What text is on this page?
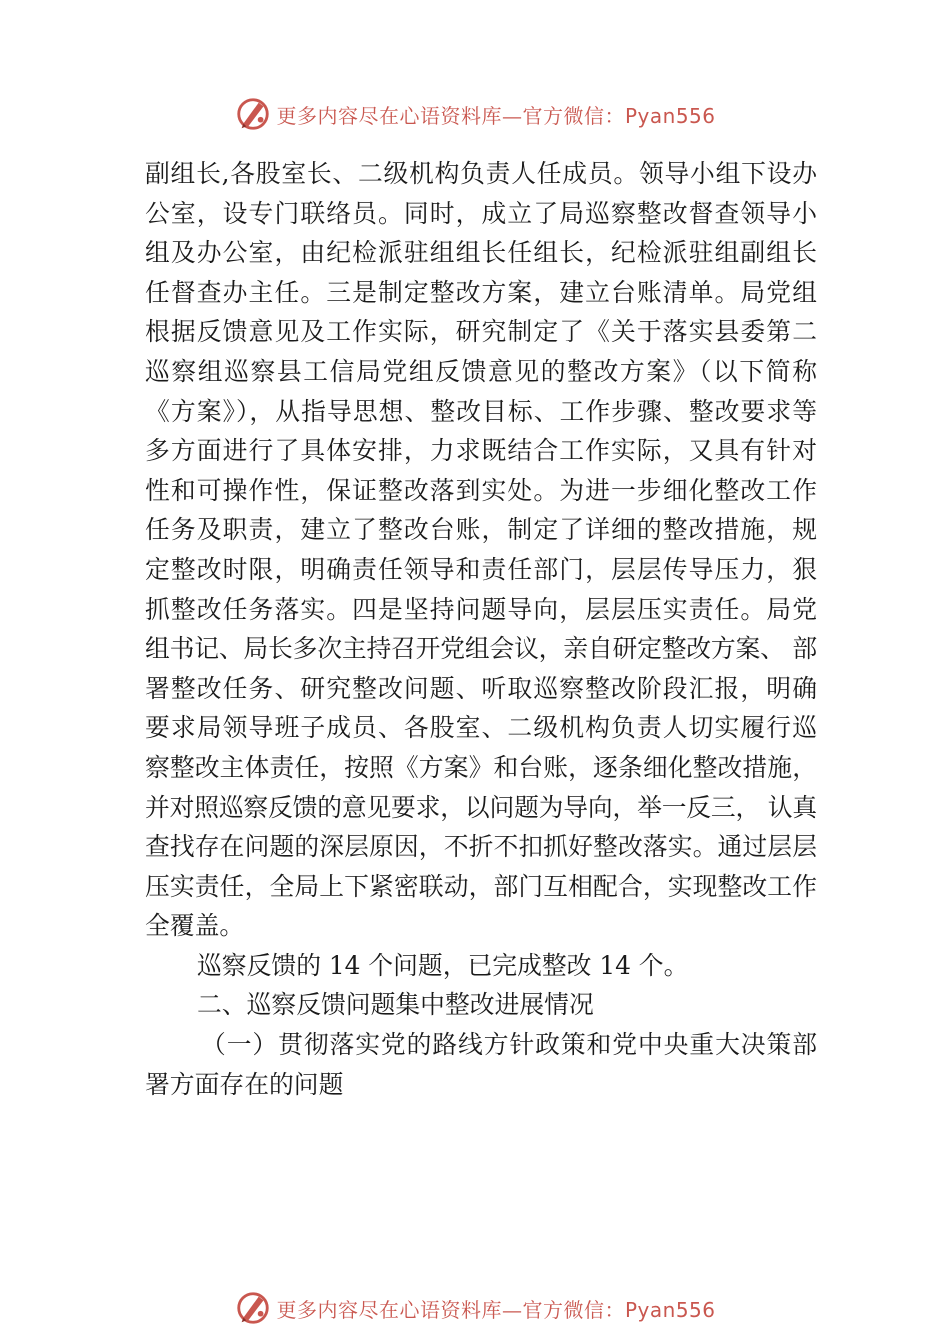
更多内容尽在心语资料库—官方微信：Pyan556
副组长,各股室长、二级机构负责人任成员。领导小组下设办
公室，设专门联络员。同时，成立了局巡察整改督查领导小
组及办公室，由纪检派驻组组长任组长，纪检派驻组副组长
任督查办主任。三是制定整改方案，建立台账清单。局党组
根据反馈意见及工作实际，研究制定了《关于落实县委第二
巡察组巡察县工信局党组反馈意见的整改方案》（以下简称
《方案》），从指导思想、整改目标、工作步骤、整改要求等
多方面进行了具体安排，力求既结合工作实际，又具有针对
性和可操作性，保证整改落到实处。为进一步细化整改工作
任务及职责，建立了整改台账，制定了详细的整改措施，规
定整改时限，明确责任领导和责任部门，层层传导压力，狠
抓整改任务落实。四是坚持问题导向，层层压实责任。局党
组书记、局长多次主持召开党组会议，亲自研定整改方案、 部
署整改任务、研究整改问题、听取巡察整改阶段汇报，明确
要求局领导班子成员、各股室、二级机构负责人切实履行巡
察整改主体责任，按照《方案》和台账，逐条细化整改措施，
并对照巡察反馈的意见要求，以问题为导向，举一反三， 认真
查找存在问题的深层原因，不折不扣抓好整改落实。通过层层
压实责任，全局上下紧密联动，部门互相配合，实现整改工作
全覆盖。
巡察反馈的 14 个问题，已完成整改 14 个。
二、巡察反馈问题集中整改进展情况
（一）贯彻落实党的路线方针政策和党中央重大决策部
署方面存在的问题
更多内容尽在心语资料库—官方微信：Pyan556
